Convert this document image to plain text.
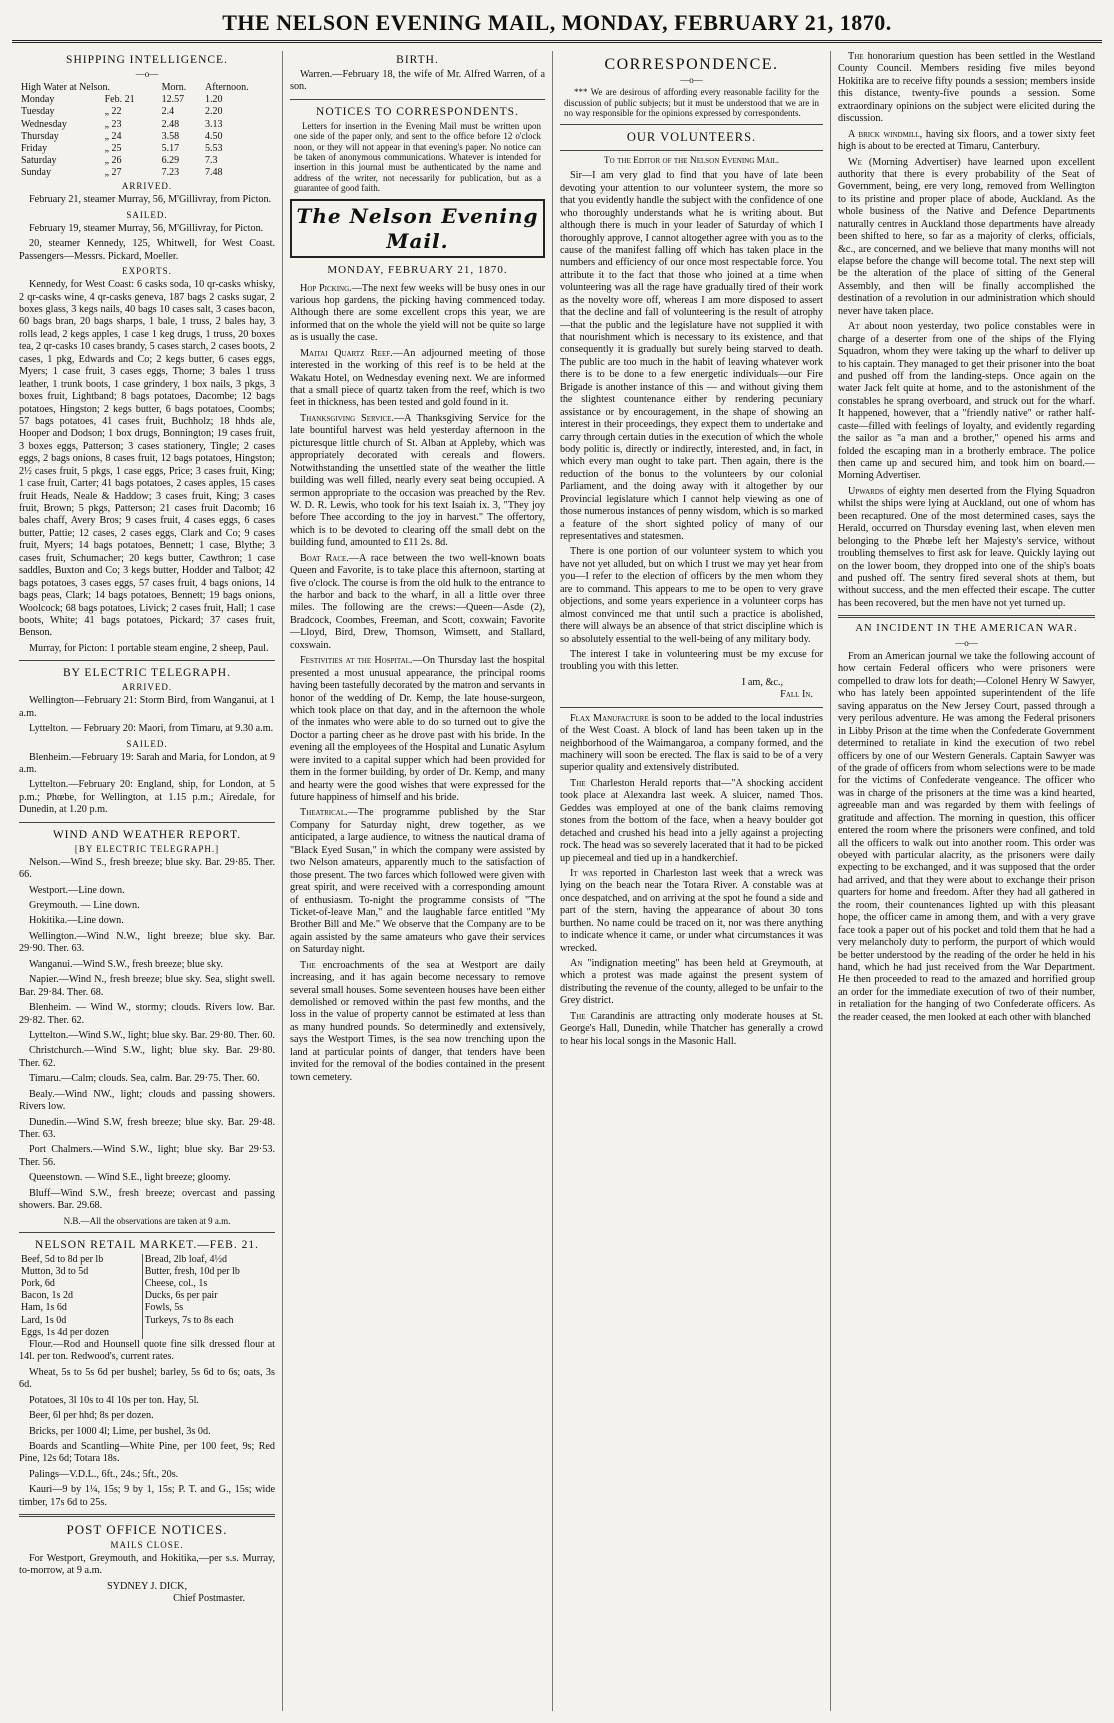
THE NELSON EVENING MAIL, MONDAY, FEBRUARY 21, 1870.
SHIPPING INTELLIGENCE.
—o—
High Water at Nelson.		Morn.	Afternoon.
Monday	Feb. 21	12.57	1.20
Tuesday	„ 22	2.4	2.20
Wednesday	„ 23	2.48	3.13
Thursday	„ 24	3.58	4.50
Friday	„ 25	5.17	5.53
Saturday	„ 26	6.29	7.3
Sunday	„ 27	7.23	7.48
ARRIVED.

February 21, steamer Murray, 56, M'Gillivray, from Picton.

SAILED.

February 19, steamer Murray, 56, M'Gillivray, for Picton.

20, steamer Kennedy, 125, Whitwell, for West Coast. Passengers—Messrs. Pickard, Moeller.

EXPORTS.

Kennedy, for West Coast: 6 casks soda, 10 qr-casks whisky, 2 qr-casks wine, 4 qr-casks geneva, 187 bags 2 casks sugar, 2 boxes glass, 3 kegs nails, 40 bags 10 cases salt, 3 cases bacon, 60 bags bran, 20 bags sharps, 1 bale, 1 truss, 2 bales hay, 3 rolls lead, 2 kegs apples, 1 case 1 keg drugs, 1 truss, 20 boxes tea, 2 qr-casks 10 cases brandy, 5 cases starch, 2 cases boots, 2 cases, 1 pkg, Edwards and Co; 2 kegs butter, 6 cases eggs, Myers; 1 case fruit, 3 cases eggs, Thorne; 3 bales 1 truss leather, 1 trunk boots, 1 case grindery, 1 box nails, 3 pkgs, 3 boxes fruit, Lightband; 8 bags potatoes, Dacombe; 12 bags potatoes, Hingston; 2 kegs butter, 6 bags potatoes, Coombs; 57 bags potatoes, 41 cases fruit, Buchholz; 18 hhds ale, Hooper and Dodson; 1 box drugs, Bonnington; 19 cases fruit, 3 boxes eggs, Patterson; 3 cases stationery, Tingle; 2 cases eggs, 2 bags onions, 8 cases fruit, 12 bags potatoes, Hingston; 2½ cases fruit, 5 pkgs, 1 case eggs, Price; 3 cases fruit, King; 1 case fruit, Carter; 41 bags potatoes, 2 cases apples, 15 cases fruit Heads, Neale & Haddow; 3 cases fruit, King; 3 cases fruit, Brown; 5 pkgs, Patterson; 21 cases fruit Dacomb; 16 bales chaff, Avery Bros; 9 cases fruit, 4 cases eggs, 6 cases butter, Pattie; 12 cases, 2 cases eggs, Clark and Co; 9 cases fruit, Myers; 14 bags potatoes, Bennett; 1 case, Blythe; 3 cases fruit, Schumacher; 20 kegs butter, Cawthron; 1 case saddles, Buxton and Co; 3 kegs butter, Hodder and Talbot; 42 bags potatoes, 3 cases eggs, 57 cases fruit, 4 bags onions, 14 bags peas, Clark; 14 bags potatoes, Bennett; 19 bags onions, Woolcock; 68 bags potatoes, Livick; 2 cases fruit, Hall; 1 case boots, White; 41 bags potatoes, Pickard; 37 cases fruit, Benson.

Murray, for Picton: 1 portable steam engine, 2 sheep, Paul.

BY ELECTRIC TELEGRAPH.
ARRIVED.

Wellington—February 21: Storm Bird, from Wanganui, at 1 a.m.

Lyttelton. — February 20: Maori, from Timaru, at 9.30 a.m.

SAILED.

Blenheim.—February 19: Sarah and Maria, for London, at 9 a.m.

Lyttelton.—February 20: England, ship, for London, at 5 p.m.; Phœbe, for Wellington, at 1.15 p.m.; Airedale, for Dunedin, at 1.20 p.m.

WIND AND WEATHER REPORT.
[BY ELECTRIC TELEGRAPH.]

Nelson.—Wind S., fresh breeze; blue sky. Bar. 29·85. Ther. 66.

Westport.—Line down.

Greymouth. — Line down.

Hokitika.—Line down.

Wellington.—Wind N.W., light breeze; blue sky. Bar. 29·90. Ther. 63.

Wanganui.—Wind S.W., fresh breeze; blue sky.

Napier.—Wind N., fresh breeze; blue sky. Sea, slight swell. Bar. 29·84. Ther. 68.

Blenheim. — Wind W., stormy; clouds. Rivers low. Bar. 29·82. Ther. 62.

Lyttelton.—Wind S.W., light; blue sky. Bar. 29·80. Ther. 60.

Christchurch.—Wind S.W., light; blue sky. Bar. 29·80. Ther. 62.

Timaru.—Calm; clouds. Sea, calm. Bar. 29·75. Ther. 60.

Bealy.—Wind NW., light; clouds and passing showers. Rivers low.

Dunedin.—Wind S.W, fresh breeze; blue sky. Bar. 29·48. Ther. 63.

Port Chalmers.—Wind S.W., light; blue sky. Bar 29·53. Ther. 56.

Queenstown. — Wind S.E., light breeze; gloomy.

Bluff—Wind S.W., fresh breeze; overcast and passing showers. Bar. 29.68.

N.B.—All the observations are taken at 9 a.m.
NELSON RETAIL MARKET.—FEB. 21.
Beef, 5d to 8d per lb	Bread, 2lb loaf, 4½d
Mutton, 3d to 5d	Butter, fresh, 10d per lb
Pork, 6d	Cheese, col., 1s
Bacon, 1s 2d	Ducks, 6s per pair
Ham, 1s 6d	Fowls, 5s
Lard, 1s 0d	Turkeys, 7s to 8s each
Eggs, 1s 4d per dozen	

Flour.—Rod and Hounsell quote fine silk dressed flour at 14l. per ton. Redwood's, current rates.

Wheat, 5s to 5s 6d per bushel; barley, 5s 6d to 6s; oats, 3s 6d.

Potatoes, 3l 10s to 4l 10s per ton. Hay, 5l.

Beer, 6l per hhd; 8s per dozen.

Bricks, per 1000 4l; Lime, per bushel, 3s 0d.

Boards and Scantling—White Pine, per 100 feet, 9s; Red Pine, 12s 6d; Totara 18s.

Palings—V.D.L., 6ft., 24s.; 5ft., 20s.

Kauri—9 by 1¼, 15s; 9 by 1, 15s; P. T. and G., 15s; wide timber, 17s 6d to 25s.

POST OFFICE NOTICES.
MAILS CLOSE.

For Westport, Greymouth, and Hokitika,—per s.s. Murray, to-morrow, at 9 a.m.

SYDNEY J. DICK,
Chief Postmaster.
BIRTH.

Warren.—February 18, the wife of Mr. Alfred Warren, of a son.

NOTICES TO CORRESPONDENTS.

Letters for insertion in the Evening Mail must be written upon one side of the paper only, and sent to the office before 12 o'clock noon, or they will not appear in that evening's paper. No notice can be taken of anonymous communications. Whatever is intended for insertion in this journal must be authenticated by the name and address of the writer, not necessarily for publication, but as a guarantee of good faith.

The Nelson Evening Mail.
MONDAY, FEBRUARY 21, 1870.

Hop Picking.—The next few weeks will be busy ones in our various hop gardens, the picking having commenced today. Although there are some excellent crops this year, we are informed that on the whole the yield will not be quite so large as is usually the case.

Maitai Quartz Reef.—An adjourned meeting of those interested in the working of this reef is to be held at the Wakatu Hotel, on Wednesday evening next. We are informed that a small piece of quartz taken from the reef, which is two feet in thickness, has been tested and gold found in it.

Thanksgiving Service.—A Thanksgiving Service for the late bountiful harvest was held yesterday afternoon in the picturesque little church of St. Alban at Appleby, which was appropriately decorated with cereals and flowers. Notwithstanding the unsettled state of the weather the little building was well filled, nearly every seat being occupied. A sermon appropriate to the occasion was preached by the Rev. W. D. R. Lewis, who took for his text Isaiah ix. 3, "They joy before Thee according to the joy in harvest." The offertory, which is to be devoted to clearing off the small debt on the building fund, amounted to £11 2s. 8d.

Boat Race.—A race between the two well-known boats Queen and Favorite, is to take place this afternoon, starting at five o'clock. The course is from the old hulk to the entrance to the harbor and back to the wharf, in all a little over three miles. The following are the crews:—Queen—Asde (2), Bradcock, Coombes, Freeman, and Scott, coxwain; Favorite—Lloyd, Bird, Drew, Thomson, Wimsett, and Stallard, coxswain.

Festivities at the Hospital.—On Thursday last the hospital presented a most unusual appearance, the principal rooms having been tastefully decorated by the matron and servants in honor of the wedding of Dr. Kemp, the late house-surgeon, which took place on that day, and in the afternoon the whole of the inmates who were able to do so turned out to give the Doctor a parting cheer as he drove past with his bride. In the evening all the employees of the Hospital and Lunatic Asylum were invited to a capital supper which had been provided for them in the former building, by order of Dr. Kemp, and many and hearty were the good wishes that were expressed for the future happiness of himself and his bride.

Theatrical.—The programme published by the Star Company for Saturday night, drew together, as we anticipated, a large audience, to witness the nautical drama of "Black Eyed Susan," in which the company were assisted by two Nelson amateurs, apparently much to the satisfaction of those present. The two farces which followed were given with great spirit, and were received with a corresponding amount of enthusiasm. To-night the programme consists of "The Ticket-of-leave Man," and the laughable farce entitled "My Brother Bill and Me." We observe that the Company are to be again assisted by the same amateurs who gave their services on Saturday night.

The encroachments of the sea at Westport are daily increasing, and it has again become necessary to remove several small houses. Some seventeen houses have been either demolished or removed within the past few months, and the loss in the value of property cannot be estimated at less than as many hundred pounds. So determinedly and extensively, says the Westport Times, is the sea now trenching upon the land at particular points of danger, that tenders have been invited for the removal of the bodies contained in the present town cemetery.

CORRESPONDENCE.
—o—

*** We are desirous of affording every reasonable facility for the discussion of public subjects; but it must be understood that we are in no way responsible for the opinions expressed by correspondents.

OUR VOLUNTEERS.
To the Editor of the Nelson Evening Mail.

Sir—I am very glad to find that you have of late been devoting your attention to our volunteer system, the more so that you evidently handle the subject with the confidence of one who thoroughly understands what he is writing about. But although there is much in your leader of Saturday of which I thoroughly approve, I cannot altogether agree with you as to the cause of the manifest falling off which has taken place in the numbers and efficiency of our once most respectable force. You attribute it to the fact that those who joined at a time when volunteering was all the rage have gradually tired of their work as the novelty wore off, whereas I am more disposed to assert that the decline and fall of volunteering is the result of atrophy—that the public and the legislature have not supplied it with that nourishment which is necessary to its existence, and that consequently it is gradually but surely being starved to death. The public are too much in the habit of leaving whatever work there is to be done to a few energetic individuals—our Fire Brigade is another instance of this — and without giving them the slightest countenance either by rendering pecuniary assistance or by encouragement, in the shape of showing an interest in their proceedings, they expect them to undertake and carry through certain duties in the execution of which the whole body politic is, directly or indirectly, interested, and, in fact, in which every man ought to take part. Then again, there is the reduction of the bonus to the volunteers by our colonial Parliament, and the doing away with it altogether by our Provincial legislature which I cannot help viewing as one of those numerous instances of penny wisdom, which is so marked a feature of the short sighted policy of many of our representatives and statesmen.

There is one portion of our volunteer system to which you have not yet alluded, but on which I trust we may yet hear from you—I refer to the election of officers by the men whom they are to command. This appears to me to be open to very grave objections, and some years experience in a volunteer corps has almost convinced me that until such a practice is abolished, there will always be an absence of that strict discipline which is so absolutely essential to the well-being of any military body.

The interest I take in volunteering must be my excuse for troubling you with this letter.

I am, &c.,
Fall In.

Flax Manufacture is soon to be added to the local industries of the West Coast. A block of land has been taken up in the neighborhood of the Waimangaroa, a company formed, and the machinery will soon be erected. The flax is said to be of a very superior quality and extensively distributed.

The Charleston Herald reports that—"A shocking accident took place at Alexandra last week. A sluicer, named Thos. Geddes was employed at one of the bank claims removing stones from the bottom of the face, when a heavy boulder got detached and crushed his head into a jelly against a projecting rock. The head was so severely lacerated that it had to be picked up piecemeal and tied up in a handkerchief.

It was reported in Charleston last week that a wreck was lying on the beach near the Totara River. A constable was at once despatched, and on arriving at the spot he found a side and part of the stern, having the appearance of about 30 tons burthen. No name could be traced on it, nor was there anything to indicate whence it came, or under what circumstances it was wrecked.

An "indignation meeting" has been held at Greymouth, at which a protest was made against the present system of distributing the revenue of the county, alleged to be unfair to the Grey district.

The Carandinis are attracting only moderate houses at St. George's Hall, Dunedin, while Thatcher has generally a crowd to hear his local songs in the Masonic Hall.

The honorarium question has been settled in the Westland County Council. Members residing five miles beyond Hokitika are to receive fifty pounds a session; members inside this distance, twenty-five pounds a session. Some extraordinary opinions on the subject were elicited during the discussion.

A brick windmill, having six floors, and a tower sixty feet high is about to be erected at Timaru, Canterbury.

We (Morning Advertiser) have learned upon excellent authority that there is every probability of the Seat of Government, being, ere very long, removed from Wellington to its pristine and proper place of abode, Auckland. As the whole business of the Native and Defence Departments naturally centres in Auckland those departments have already been shifted to here, so far as a majority of clerks, officials, &c., are concerned, and we believe that many months will not elapse before the change will become total. The next step will be the alteration of the place of sitting of the General Assembly, and then will be finally accomplished the destination of a revolution in our administration which should never have taken place.

At about noon yesterday, two police constables were in charge of a deserter from one of the ships of the Flying Squadron, whom they were taking up the wharf to deliver up to his captain. They managed to get their prisoner into the boat and pushed off from the landing-steps. Once again on the water Jack felt quite at home, and to the astonishment of the constables he sprang overboard, and struck out for the wharf. It happened, however, that a "friendly native" or rather half-caste—filled with feelings of loyalty, and evidently regarding the sailor as "a man and a brother," opened his arms and folded the escaping man in a brotherly embrace. The police then came up and secured him, and took him on board.—Morning Advertiser.

Upwards of eighty men deserted from the Flying Squadron whilst the ships were lying at Auckland, out one of whom has been recaptured. One of the most determined cases, says the Herald, occurred on Thursday evening last, when eleven men belonging to the Phœbe left her Majesty's service, without troubling themselves to first ask for leave. Quickly laying out on the lower boom, they dropped into one of the ship's boats and pushed off. The sentry fired several shots at them, but without success, and the men effected their escape. The cutter has been recovered, but the men have not yet turned up.

AN INCIDENT IN THE AMERICAN WAR.
—o—

From an American journal we take the following account of how certain Federal officers who were prisoners were compelled to draw lots for death;—Colonel Henry W Sawyer, who has lately been appointed superintendent of the life saving apparatus on the New Jersey Court, passed through a very perilous adventure. He was among the Federal prisoners in Libby Prison at the time when the Confederate Government determined to retaliate in kind the execution of two rebel officers by one of our Western Generals. Captain Sawyer was of the grade of officers from whom selections were to be made for the victims of Confederate vengeance. The officer who was in charge of the prisoners at the time was a kind hearted, agreeable man and was regarded by them with feelings of gratitude and affection. The morning in question, this officer entered the room where the prisoners were confined, and told all the officers to walk out into another room. This order was obeyed with particular alacrity, as the prisoners were daily expecting to be exchanged, and it was supposed that the order had arrived, and that they were about to exchange their prison quarters for home and freedom. After they had all gathered in the room, their countenances lighted up with this pleasant hope, the officer came in among them, and with a very grave face took a paper out of his pocket and told them that he had a very melancholy duty to perform, the purport of which would be better understood by the reading of the order he held in his hand, which he had just received from the War Department. He then proceeded to read to the amazed and horrified group an order for the immediate execution of two of their number, in retaliation for the hanging of two Confederate officers. As the reader ceased, the men looked at each other with blanched
